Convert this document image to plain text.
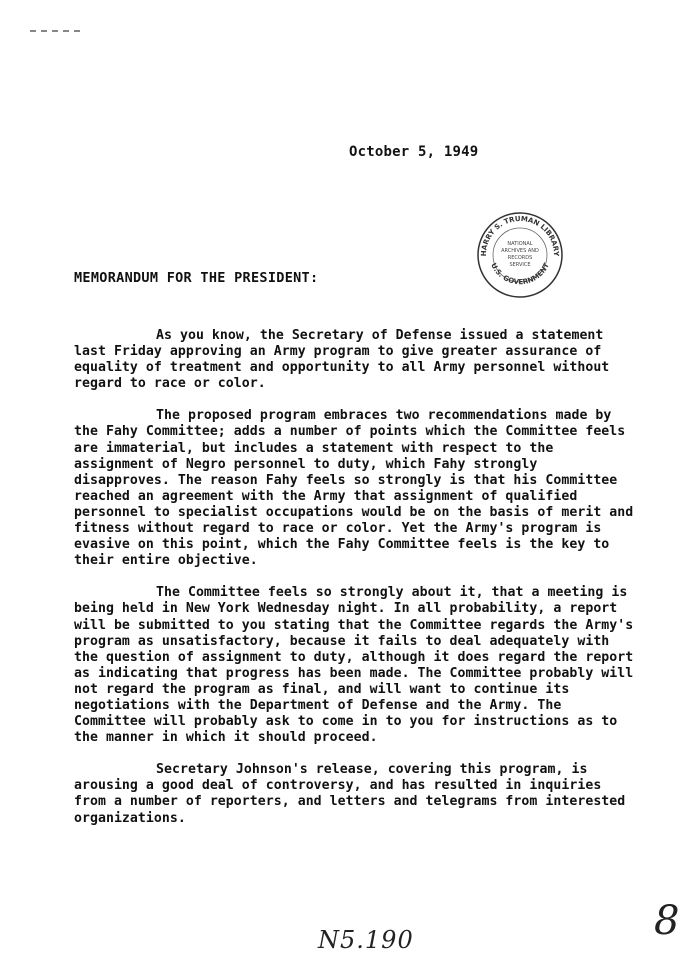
October 5, 1949
HARRY S. TRUMAN LIBRARY
U.S. GOVERNMENT
NATIONAL
ARCHIVES AND
RECORDS
SERVICE
MEMORANDUM FOR THE PRESIDENT:

As you know, the Secretary of Defense issued a statement last Friday approving an Army program to give greater assurance of equality of treatment and opportunity to all Army personnel without regard to race or color.

The proposed program embraces two recommendations made by the Fahy Committee; adds a number of points which the Committee feels are immaterial, but includes a statement with respect to the assignment of Negro personnel to duty, which Fahy strongly disapproves. The reason Fahy feels so strongly is that his Committee reached an agreement with the Army that assignment of qualified personnel to specialist occupations would be on the basis of merit and fitness without regard to race or color. Yet the Army's program is evasive on this point, which the Fahy Committee feels is the key to their entire objective.

The Committee feels so strongly about it, that a meeting is being held in New York Wednesday night. In all probability, a report will be submitted to you stating that the Committee regards the Army's program as unsatisfactory, because it fails to deal adequately with the question of assignment to duty, although it does regard the report as indicating that progress has been made. The Committee probably will not regard the program as final, and will want to continue its negotiations with the Department of Defense and the Army. The Committee will probably ask to come in to you for instructions as to the manner in which it should proceed.

Secretary Johnson's release, covering this program, is arousing a good deal of controversy, and has resulted in inquiries from a number of reporters, and letters and telegrams from interested organizations.

N5.190	8
